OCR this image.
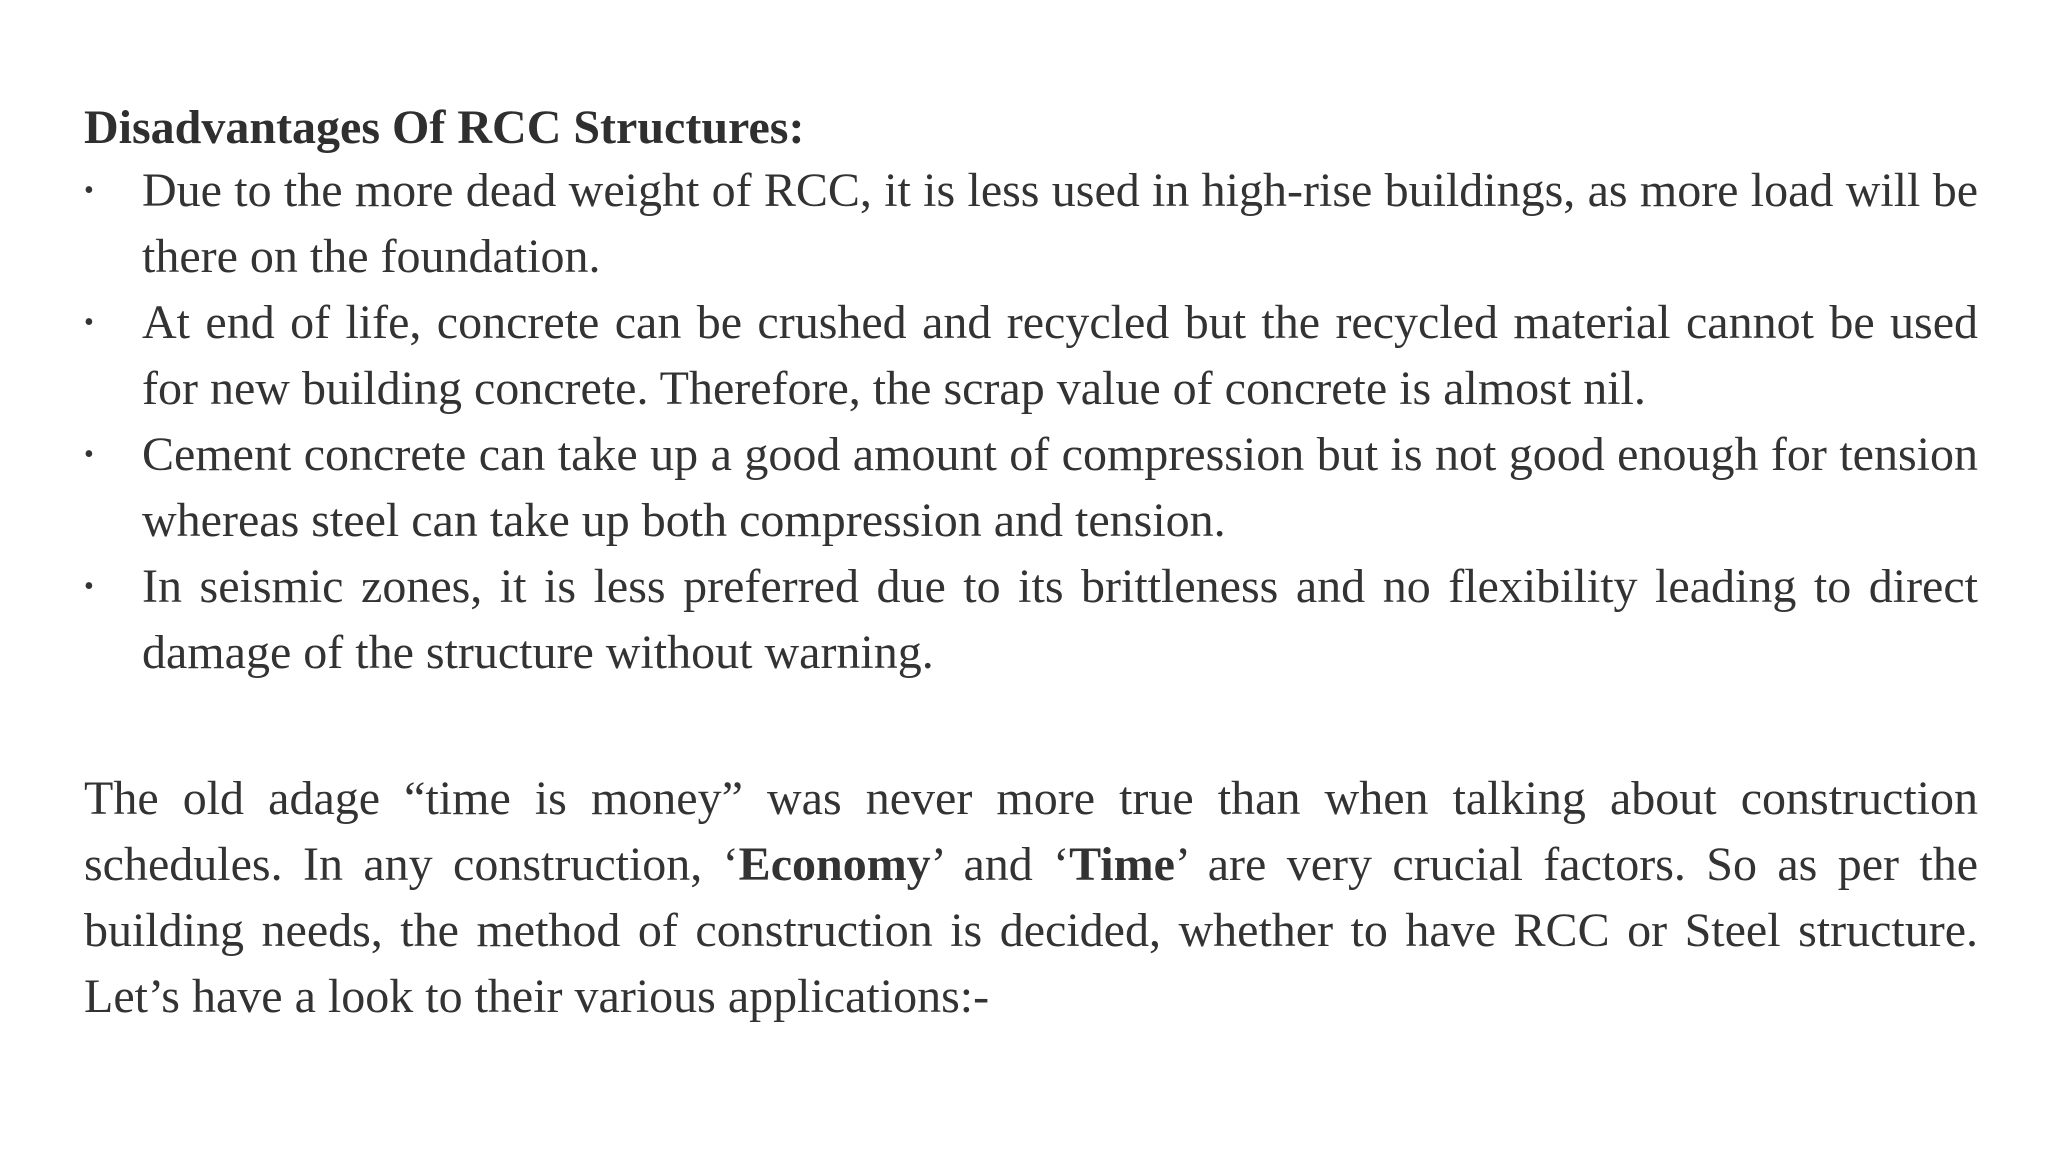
Disadvantages Of RCC Structures:

• Due to the more dead weight of RCC, it is less used in high-rise buildings, as more load will be there on the foundation.
• At end of life, concrete can be crushed and recycled but the recycled material cannot be used for new building concrete. Therefore, the scrap value of concrete is almost nil.
• Cement concrete can take up a good amount of compression but is not good enough for tension whereas steel can take up both compression and tension.
• In seismic zones, it is less preferred due to its brittleness and no flexibility leading to direct damage of the structure without warning.

The old adage “time is money” was never more true than when talking about construction schedules. In any construction, ‘Economy’ and ‘Time’ are very crucial factors. So as per the building needs, the method of construction is decided, whether to have RCC or Steel structure. Let’s have a look to their various applications:-
